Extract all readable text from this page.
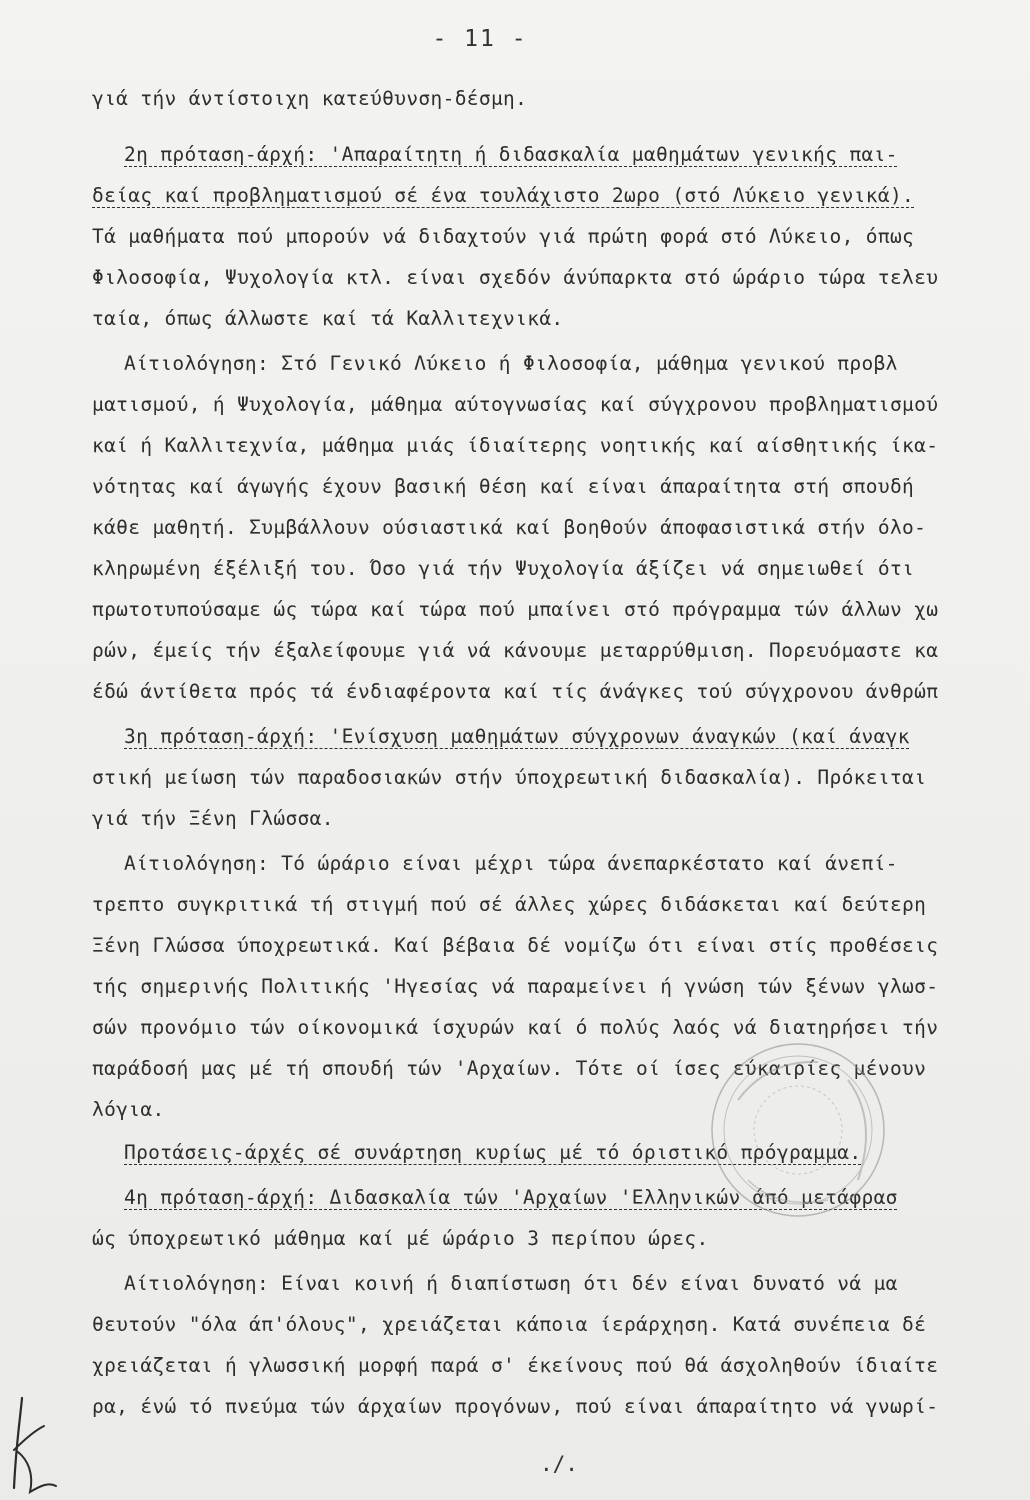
- 11 -
γιά τήν άντίστοιχη κατεύθυνση-δέσμη.
2η πρόταση-άρχή: 'Απαραίτητη ή διδασκαλία μαθημάτων γενικής παι-
δείας καί προβληματισμού σέ ένα τουλάχιστο 2ωρο (στό Λύκειο γενικά).
Τά μαθήματα πού μπορούν νά διδαχτούν γιά πρώτη φορά στό Λύκειο, όπως
Φιλοσοφία, Ψυχολογία κτλ. είναι σχεδόν άνύπαρκτα στό ώράριο τώρα τελευ
ταία, όπως άλλωστε καί τά Καλλιτεχνικά.
Αίτιολόγηση: Στό Γενικό Λύκειο ή Φιλοσοφία, μάθημα γενικού προβλ
ματισμού, ή Ψυχολογία, μάθημα αύτογνωσίας καί σύγχρονου προβληματισμού
καί ή Καλλιτεχνία, μάθημα μιάς ίδιαίτερης νοητικής καί αίσθητικής ίκα-
νότητας καί άγωγής έχουν βασική θέση καί είναι άπαραίτητα στή σπουδή
κάθε μαθητή. Συμβάλλουν ούσιαστικά καί βοηθούν άποφασιστικά στήν όλο-
κληρωμένη έξέλιξή του. Όσο γιά τήν Ψυχολογία άξίζει νά σημειωθεί ότι
πρωτοτυπούσαμε ώς τώρα καί τώρα πού μπαίνει στό πρόγραμμα τών άλλων χω
ρών, έμείς τήν έξαλείφουμε γιά νά κάνουμε μεταρρύθμιση. Πορευόμαστε κα
έδώ άντίθετα πρός τά ένδιαφέροντα καί τίς άνάγκες τού σύγχρονου άνθρώπ
3η πρόταση-άρχή: 'Ενίσχυση μαθημάτων σύγχρονων άναγκών (καί άναγκ
στική μείωση τών παραδοσιακών στήν ύποχρεωτική διδασκαλία). Πρόκειται
γιά τήν Ξένη Γλώσσα.
Αίτιολόγηση: Τό ώράριο είναι μέχρι τώρα άνεπαρκέστατο καί άνεπί-
τρεπτο συγκριτικά τή στιγμή πού σέ άλλες χώρες διδάσκεται καί δεύτερη
Ξένη Γλώσσα ύποχρεωτικά. Καί βέβαια δέ νομίζω ότι είναι στίς προθέσεις
τής σημερινής Πολιτικής 'Ηγεσίας νά παραμείνει ή γνώση τών ξένων γλωσ-
σών προνόμιο τών οίκονομικά ίσχυρών καί ό πολύς λαός νά διατηρήσει τήν
παράδοσή μας μέ τή σπουδή τών 'Αρχαίων. Τότε οί ίσες εύκαιρίες μένουν
λόγια.
Προτάσεις-άρχές σέ συνάρτηση κυρίως μέ τό όριστικό πρόγραμμα.
4η πρόταση-άρχή: Διδασκαλία τών 'Αρχαίων 'Ελληνικών άπό μετάφρασ
ώς ύποχρεωτικό μάθημα καί μέ ώράριο 3 περίπου ώρες.
Αίτιολόγηση: Είναι κοινή ή διαπίστωση ότι δέν είναι δυνατό νά μα
θευτούν "όλα άπ'όλους", χρειάζεται κάποια ίεράρχηση. Κατά συνέπεια δέ
χρειάζεται ή γλωσσική μορφή παρά σ' έκείνους πού θά άσχοληθούν ίδιαίτε
ρα, ένώ τό πνεύμα τών άρχαίων προγόνων, πού είναι άπαραίτητο νά γνωρί-
./.
